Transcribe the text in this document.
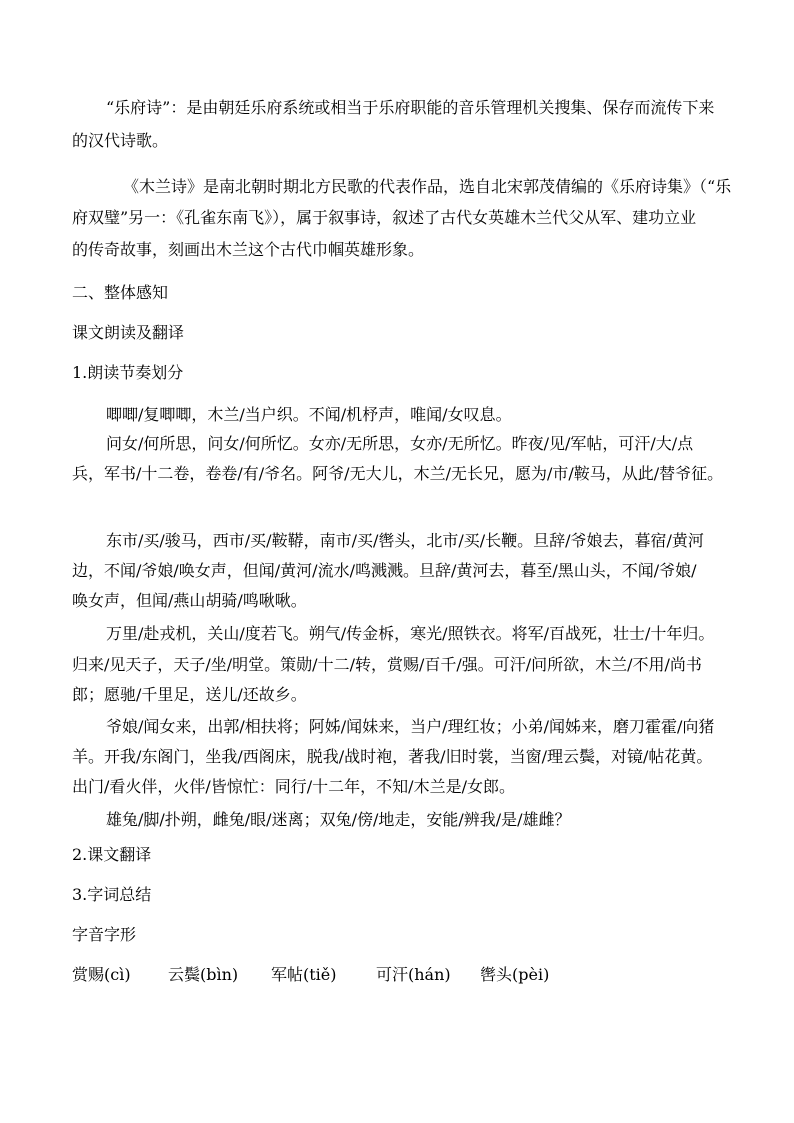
“乐府诗”：是由朝廷乐府系统或相当于乐府职能的音乐管理机关搜集、保存而流传下来
的汉代诗歌。
《木兰诗》是南北朝时期北方民歌的代表作品，选自北宋郭茂倩编的《乐府诗集》（“乐
府双璧”另一：《孔雀东南飞》），属于叙事诗，叙述了古代女英雄木兰代父从军、建功立业
的传奇故事，刻画出木兰这个古代巾帼英雄形象。
二、整体感知
课文朗读及翻译
1.朗读节奏划分
唧唧/复唧唧，木兰/当户织。不闻/机杼声，唯闻/女叹息。
问女/何所思，问女/何所忆。女亦/无所思，女亦/无所忆。昨夜/见/军帖，可汗/大/点
兵，军书/十二卷，卷卷/有/爷名。阿爷/无大儿，木兰/无长兄，愿为/市/鞍马，从此/替爷征。
东市/买/骏马，西市/买/鞍鞯，南市/买/辔头，北市/买/长鞭。旦辞/爷娘去，暮宿/黄河
边，不闻/爷娘/唤女声，但闻/黄河/流水/鸣溅溅。旦辞/黄河去，暮至/黑山头，不闻/爷娘/
唤女声，但闻/燕山胡骑/鸣啾啾。
万里/赴戎机，关山/度若飞。朔气/传金柝，寒光/照铁衣。将军/百战死，壮士/十年归。
归来/见天子，天子/坐/明堂。策勋/十二/转，赏赐/百千/强。可汗/问所欲，木兰/不用/尚书
郎；愿驰/千里足，送儿/还故乡。
爷娘/闻女来，出郭/相扶将；阿姊/闻妹来，当户/理红妆；小弟/闻姊来，磨刀霍霍/向猪
羊。开我/东阁门，坐我/西阁床，脱我/战时袍，著我/旧时裳，当窗/理云鬓，对镜/帖花黄。
出门/看火伴，火伴/皆惊忙：同行/十二年，不知/木兰是/女郎。
雄兔/脚/扑朔，雌兔/眼/迷离；双兔/傍/地走，安能/辨我/是/雄雌？
2.课文翻译
3.字词总结
字音字形
赏赐(cì) 云鬓(bìn) 军帖(tiě) 可汗(hán) 辔头(pèi)
